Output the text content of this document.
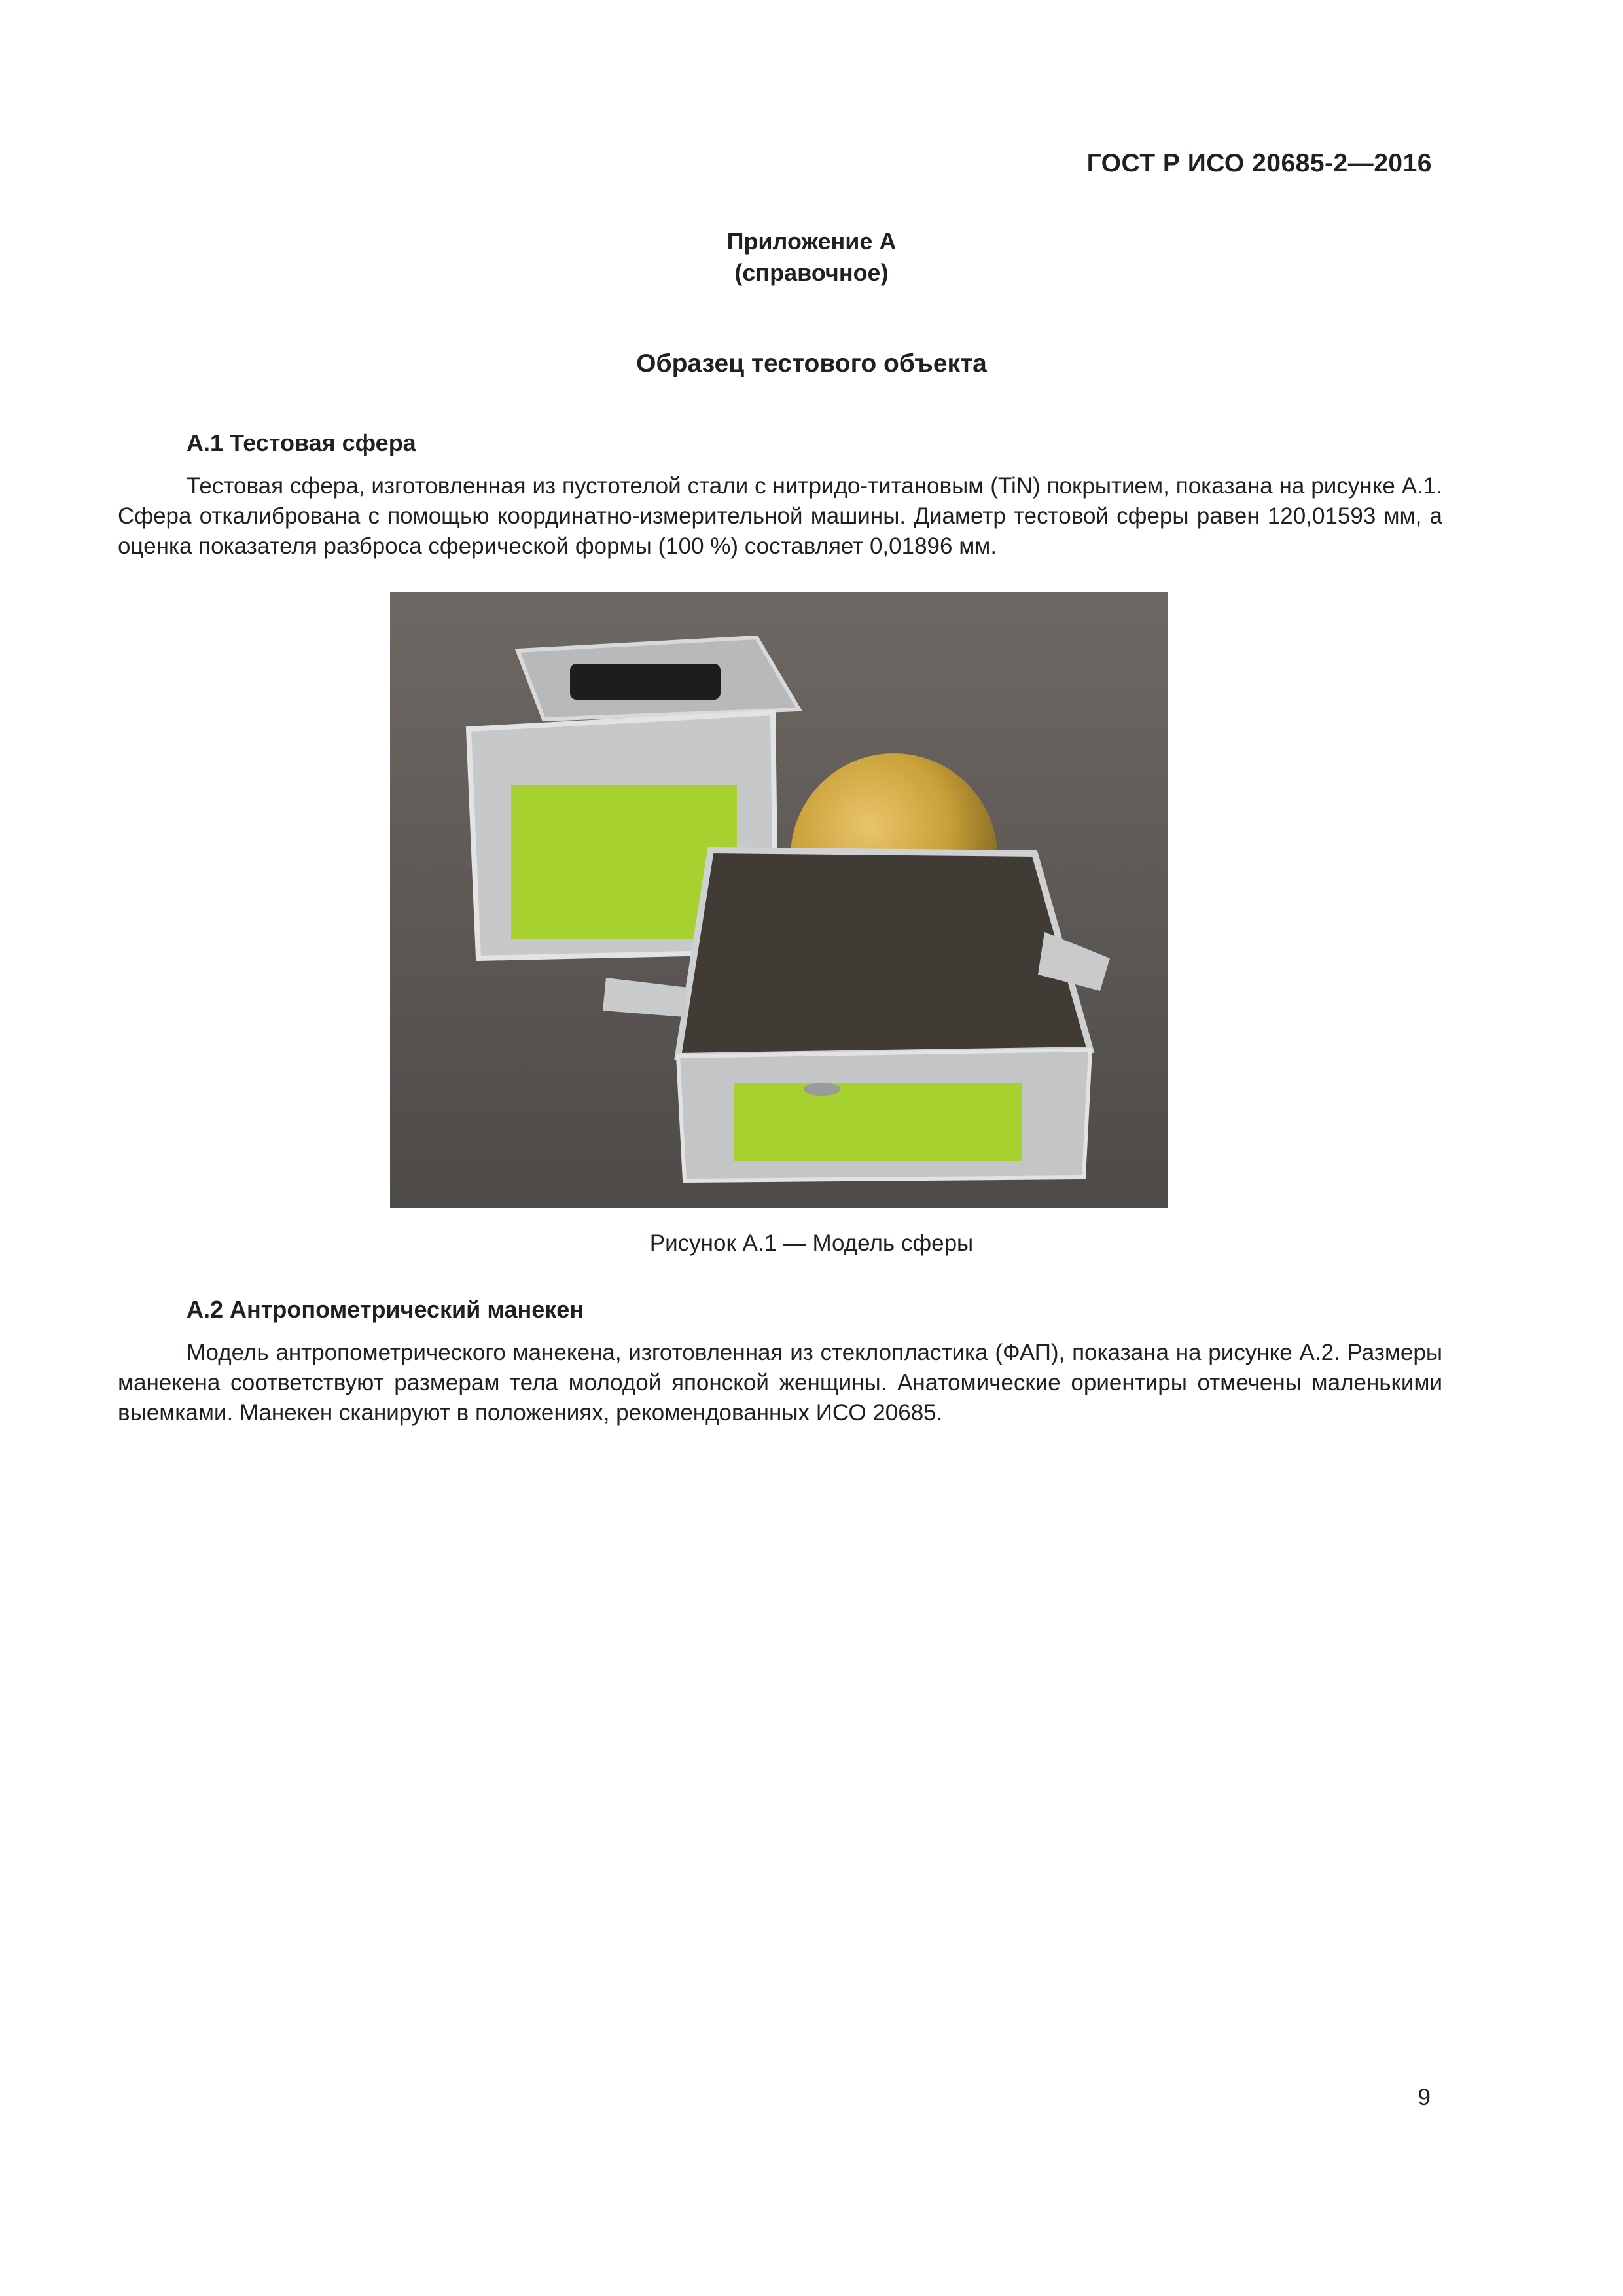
ГОСТ Р ИСО 20685-2—2016
Приложение А
(справочное)
Образец тестового объекта
А.1 Тестовая сфера

Тестовая сфера, изготовленная из пустотелой стали с нитридо-титановым (TiN) покрытием, показана на рисунке А.1. Сфера откалибрована с помощью координатно-измерительной машины. Диаметр тестовой сферы равен 120,01593 мм, а оценка показателя разброса сферической формы (100 %) составляет 0,01896 мм.

Рисунок А.1 — Модель сферы
А.2 Антропометрический манекен

Модель антропометрического манекена, изготовленная из стеклопластика (ФАП), показана на рисунке А.2. Размеры манекена соответствуют размерам тела молодой японской женщины. Анатомические ориентиры отмечены маленькими выемками. Манекен сканируют в положениях, рекомендованных ИСО 20685.

9
